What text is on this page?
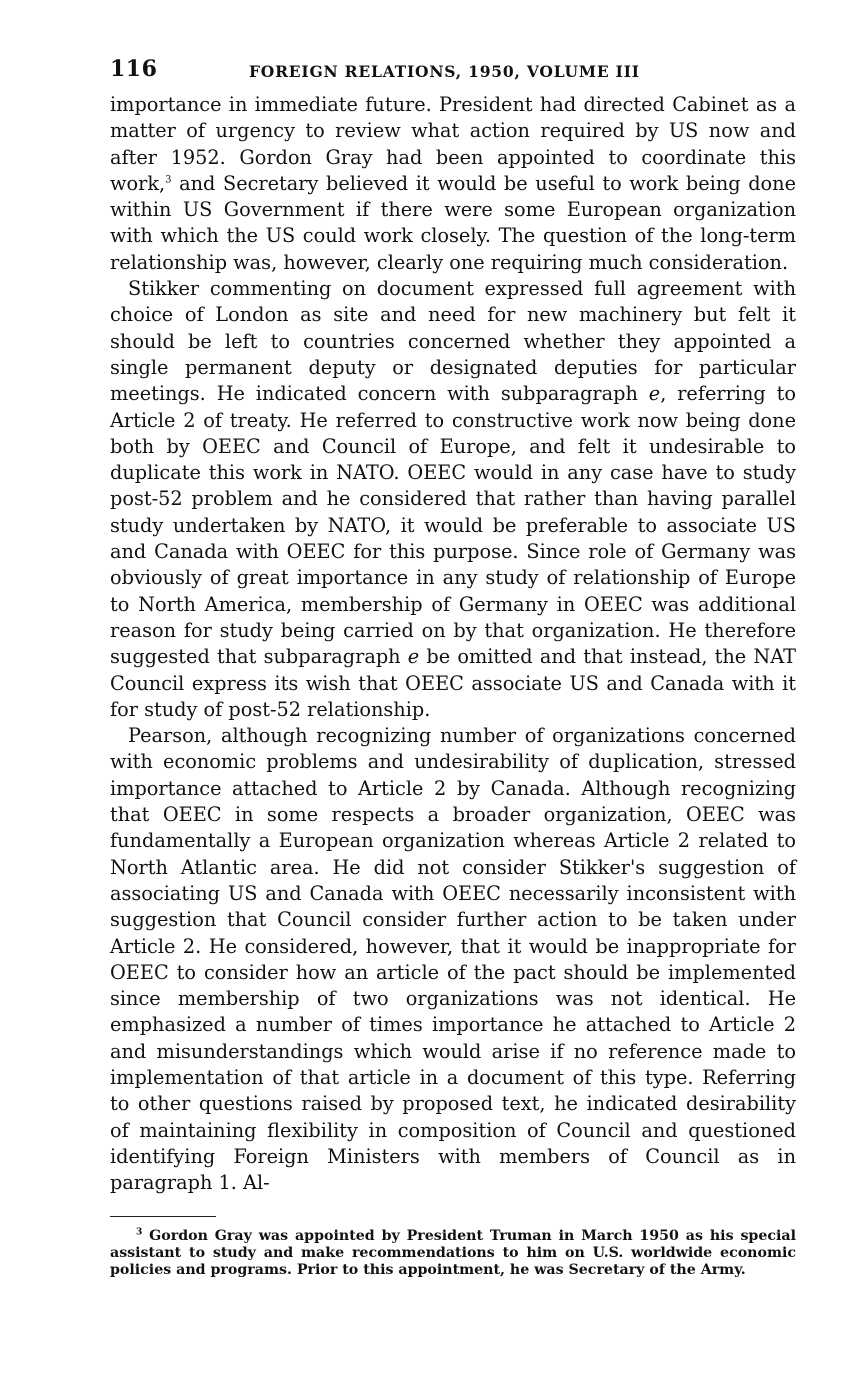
116	FOREIGN RELATIONS, 1950, VOLUME III

importance in immediate future. President had directed Cabinet as a matter of urgency to review what action required by US now and after 1952. Gordon Gray had been appointed to coordinate this work,$^3$ and Secretary believed it would be useful to work being done within US Government if there were some European organization with which the US could work closely. The question of the long-term relationship was, however, clearly one requiring much consideration.

Stikker commenting on document expressed full agreement with choice of London as site and need for new machinery but felt it should be left to countries concerned whether they appointed a single permanent deputy or designated deputies for particular meetings. He indicated concern with subparagraph e, referring to Article 2 of treaty. He referred to constructive work now being done both by OEEC and Council of Europe, and felt it undesirable to duplicate this work in NATO. OEEC would in any case have to study post-52 problem and he considered that rather than having parallel study undertaken by NATO, it would be preferable to associate US and Canada with OEEC for this purpose. Since role of Germany was obviously of great importance in any study of relationship of Europe to North America, membership of Germany in OEEC was additional reason for study being carried on by that organization. He therefore suggested that subparagraph e be omitted and that instead, the NAT Council express its wish that OEEC associate US and Canada with it for study of post-52 relationship.

Pearson, although recognizing number of organizations concerned with economic problems and undesirability of duplication, stressed importance attached to Article 2 by Canada. Although recognizing that OEEC in some respects a broader organization, OEEC was fundamentally a European organization whereas Article 2 related to North Atlantic area. He did not consider Stikker's suggestion of associating US and Canada with OEEC necessarily inconsistent with suggestion that Council consider further action to be taken under Article 2. He considered, however, that it would be inappropriate for OEEC to consider how an article of the pact should be implemented since membership of two organizations was not identical. He emphasized a number of times importance he attached to Article 2 and misunderstandings which would arise if no reference made to implementation of that article in a document of this type. Referring to other questions raised by proposed text, he indicated desirability of maintaining flexibility in composition of Council and questioned identifying Foreign Ministers with members of Council as in paragraph 1. Al-

$^3$ Gordon Gray was appointed by President Truman in March 1950 as his special assistant to study and make recommendations to him on U.S. worldwide economic policies and programs. Prior to this appointment, he was Secretary of the Army.
